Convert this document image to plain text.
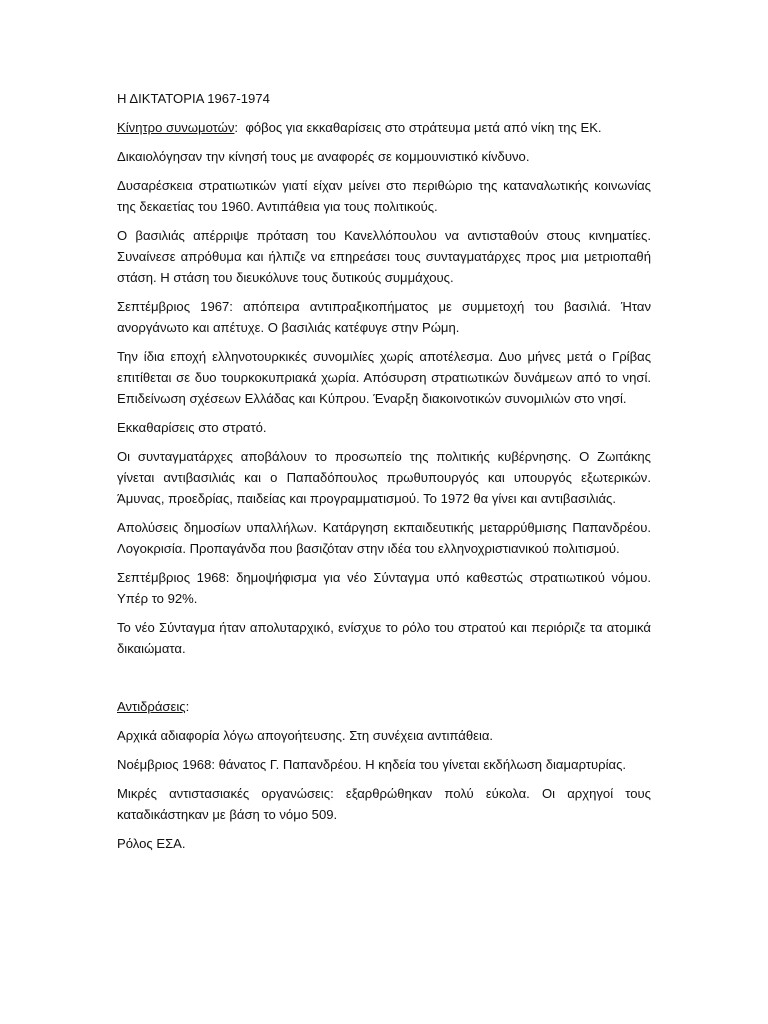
Η ΔΙΚΤΑΤΟΡΙΑ 1967-1974

Κίνητρο συνωμοτών:  φόβος για εκκαθαρίσεις στο στράτευμα μετά από νίκη της ΕΚ.

Δικαιολόγησαν την κίνησή τους με αναφορές σε κομμουνιστικό κίνδυνο.

Δυσαρέσκεια στρατιωτικών γιατί είχαν μείνει στο περιθώριο της καταναλωτικής κοινωνίας της δεκαετίας του 1960. Αντιπάθεια για τους πολιτικούς.

Ο βασιλιάς απέρριψε πρόταση του Κανελλόπουλου να αντισταθούν στους κινηματίες. Συναίνεσε απρόθυμα και ήλπιζε να επηρεάσει τους συνταγματάρχες προς μια μετριοπαθή στάση. Η στάση του διευκόλυνε τους δυτικούς συμμάχους.

Σεπτέμβριος 1967: απόπειρα αντιπραξικοπήματος με συμμετοχή του βασιλιά. Ήταν ανοργάνωτο και απέτυχε. Ο βασιλιάς κατέφυγε στην Ρώμη.

Την ίδια εποχή ελληνοτουρκικές συνομιλίες χωρίς αποτέλεσμα. Δυο μήνες μετά ο Γρίβας επιτίθεται σε δυο τουρκοκυπριακά χωρία. Απόσυρση στρατιωτικών δυνάμεων από το νησί. Επιδείνωση σχέσεων Ελλάδας και Κύπρου. Έναρξη διακοινοτικών συνομιλιών στο νησί.

Εκκαθαρίσεις στο στρατό.

Οι συνταγματάρχες αποβάλουν το προσωπείο της πολιτικής κυβέρνησης. Ο Ζωιτάκης γίνεται αντιβασιλιάς και ο Παπαδόπουλος πρωθυπουργός και υπουργός εξωτερικών. Άμυνας, προεδρίας, παιδείας και προγραμματισμού. Το 1972 θα γίνει και αντιβασιλιάς.

Απολύσεις δημοσίων υπαλλήλων. Κατάργηση εκπαιδευτικής μεταρρύθμισης Παπανδρέου. Λογοκρισία. Προπαγάνδα που βασιζόταν στην ιδέα του ελληνοχριστιανικού πολιτισμού.

Σεπτέμβριος 1968: δημοψήφισμα για νέο Σύνταγμα υπό καθεστώς στρατιωτικού νόμου. Υπέρ το 92%.

Το νέο Σύνταγμα ήταν απολυταρχικό, ενίσχυε το ρόλο του στρατού και περιόριζε τα ατομικά δικαιώματα.

Αντιδράσεις:

Αρχικά αδιαφορία λόγω απογοήτευσης. Στη συνέχεια αντιπάθεια.

Νοέμβριος 1968: θάνατος Γ. Παπανδρέου. Η κηδεία του γίνεται εκδήλωση διαμαρτυρίας.

Μικρές αντιστασιακές οργανώσεις: εξαρθρώθηκαν πολύ εύκολα. Οι αρχηγοί τους καταδικάστηκαν με βάση το νόμο 509.

Ρόλος ΕΣΑ.
